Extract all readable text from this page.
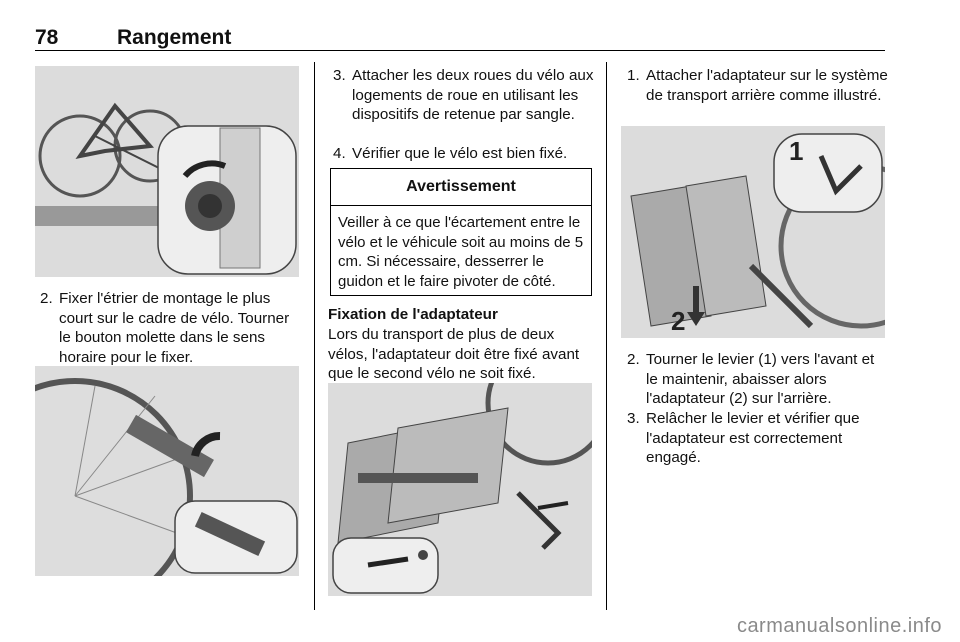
78	Rangement
2. Fixer l'étrier de montage le plus court sur le cadre de vélo. Tourner le bouton molette dans le sens horaire pour le fixer.
3. Attacher les deux roues du vélo aux logements de roue en utilisant les dispositifs de retenue par sangle.
4. Vérifier que le vélo est bien fixé.
Avertissement
Veiller à ce que l'écartement entre le vélo et le véhicule soit au moins de 5 cm. Si nécessaire, desserrer le guidon et le faire pivoter de côté.
Fixation de l'adaptateur
Lors du transport de plus de deux vélos, l'adaptateur doit être fixé avant que le second vélo ne soit fixé.
1. Attacher l'adaptateur sur le système de transport arrière comme illustré.
1
2
2. Tourner le levier (1) vers l'avant et le maintenir, abaisser alors l'adaptateur (2) sur l'arrière.
3. Relâcher le levier et vérifier que l'adaptateur est correctement engagé.
carmanualsonline.info
